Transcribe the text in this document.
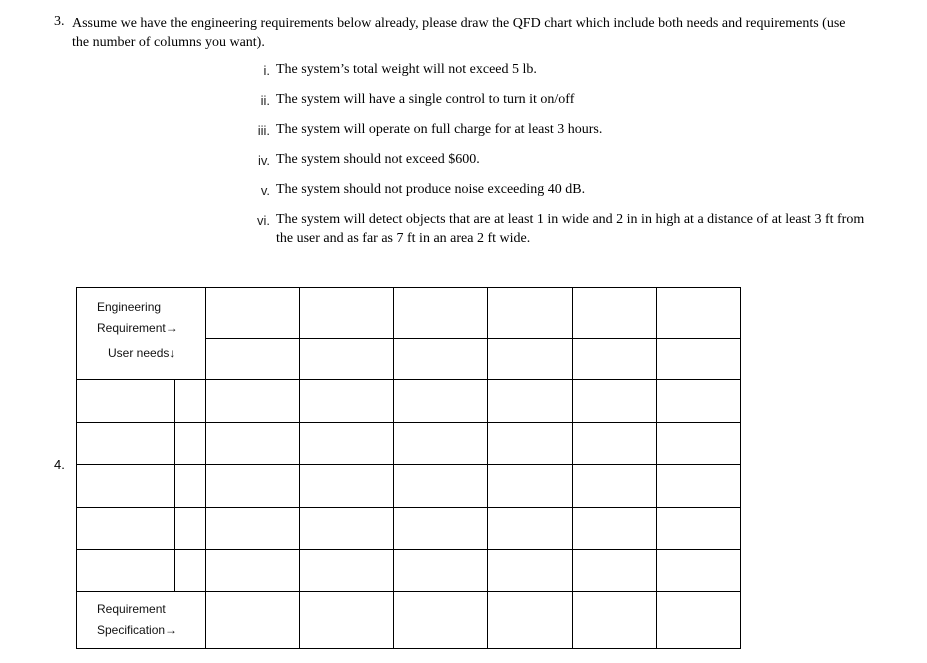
3. Assume we have the engineering requirements below already, please draw the QFD chart which include both needs and requirements (use the number of columns you want).
i. The system’s total weight will not exceed 5 lb.
ii. The system will have a single control to turn it on/off
iii. The system will operate on full charge for at least 3 hours.
iv. The system should not exceed $600.
v. The system should not produce noise exceeding 40 dB.
vi. The system will detect objects that are at least 1 in wide and 2 in in high at a distance of at least 3 ft from the user and as far as 7 ft in an area 2 ft wide.
4.
Engineering
Requirement→
User needs↓
Requirement
Specification→
